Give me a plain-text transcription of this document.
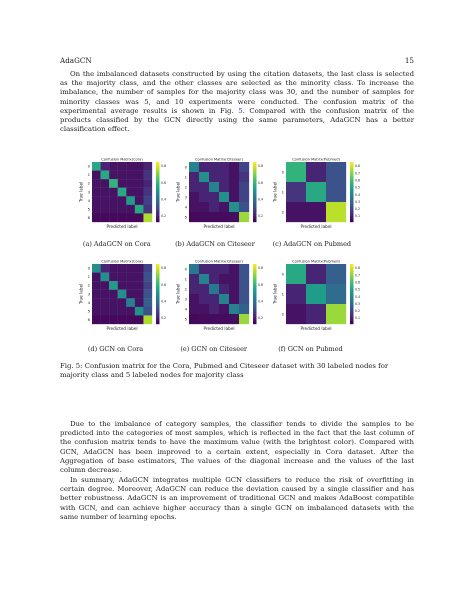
AdaGCN	15

On the imbalanced datasets constructed by using the citation datasets, the last class is selected as the majority class, and the other classes are selected as the minority class. To increase the imbalance, the number of samples for the majority class was 30, and the number of samples for minority classes was 5, and 10 experiments were conducted. The confusion matrix of the experimental average results is shown in Fig. 5. Compared with the confusion matrix of the products classified by the GCN directly using the same parameters, AdaGCN has a better classification effect.

Confusion Matrix(Cora)
0
1
2
3
4
5
6
True label
Predicted label
0.8
0.6
0.4
0.2
(a) AdaGCN on Cora
Confusion Matrix(Citeseer)
0
1
2
3
4
5
True label
Predicted label
0.8
0.6
0.4
0.2
(b) AdaGCN on Citeseer
Confusion Matrix(Pubmed)
0
1
2
True label
Predicted label
0.8
0.7
0.6
0.5
0.4
0.3
0.2
0.1
(c) AdaGCN on Pubmed
Confusion Matrix(Cora)
0
1
2
3
4
5
6
True label
Predicted label
0.8
0.6
0.4
0.2
(d) GCN on Cora
Confusion Matrix(Citeseer)
0
1
2
3
4
5
True label
Predicted label
0.8
0.6
0.4
0.2
(e) GCN on Citeseer
Confusion Matrix(Pubmed)
0
1
2
True label
Predicted label
0.8
0.7
0.6
0.5
0.4
0.3
0.2
0.1
(f) GCN on Pubmed

Fig. 5: Confusion matrix for the Cora, Pubmed and Citeseer dataset with 30 labeled nodes for majority class and 5 labeled nodes for majority class

Due to the imbalance of category samples, the classifier tends to divide the samples to be predicted into the categories of most samples, which is reflected in the fact that the last column of the confusion matrix tends to have the maximum value (with the brightest color). Compared with GCN, AdaGCN has been improved to a certain extent, especially in Cora dataset. After the Aggregation of base estimators, The values of the diagonal increase and the values of the last column decrease.

In summary, AdaGCN integrates multiple GCN classifiers to reduce the risk of overfitting in certain degree. Moreover, AdaGCN can reduce the deviation caused by a single classifier and has better robustness. AdaGCN is an improvement of traditional GCN and makes AdaBoost compatible with GCN, and can achieve higher accuracy than a single GCN on imbalanced datasets with the same number of learning epochs.
